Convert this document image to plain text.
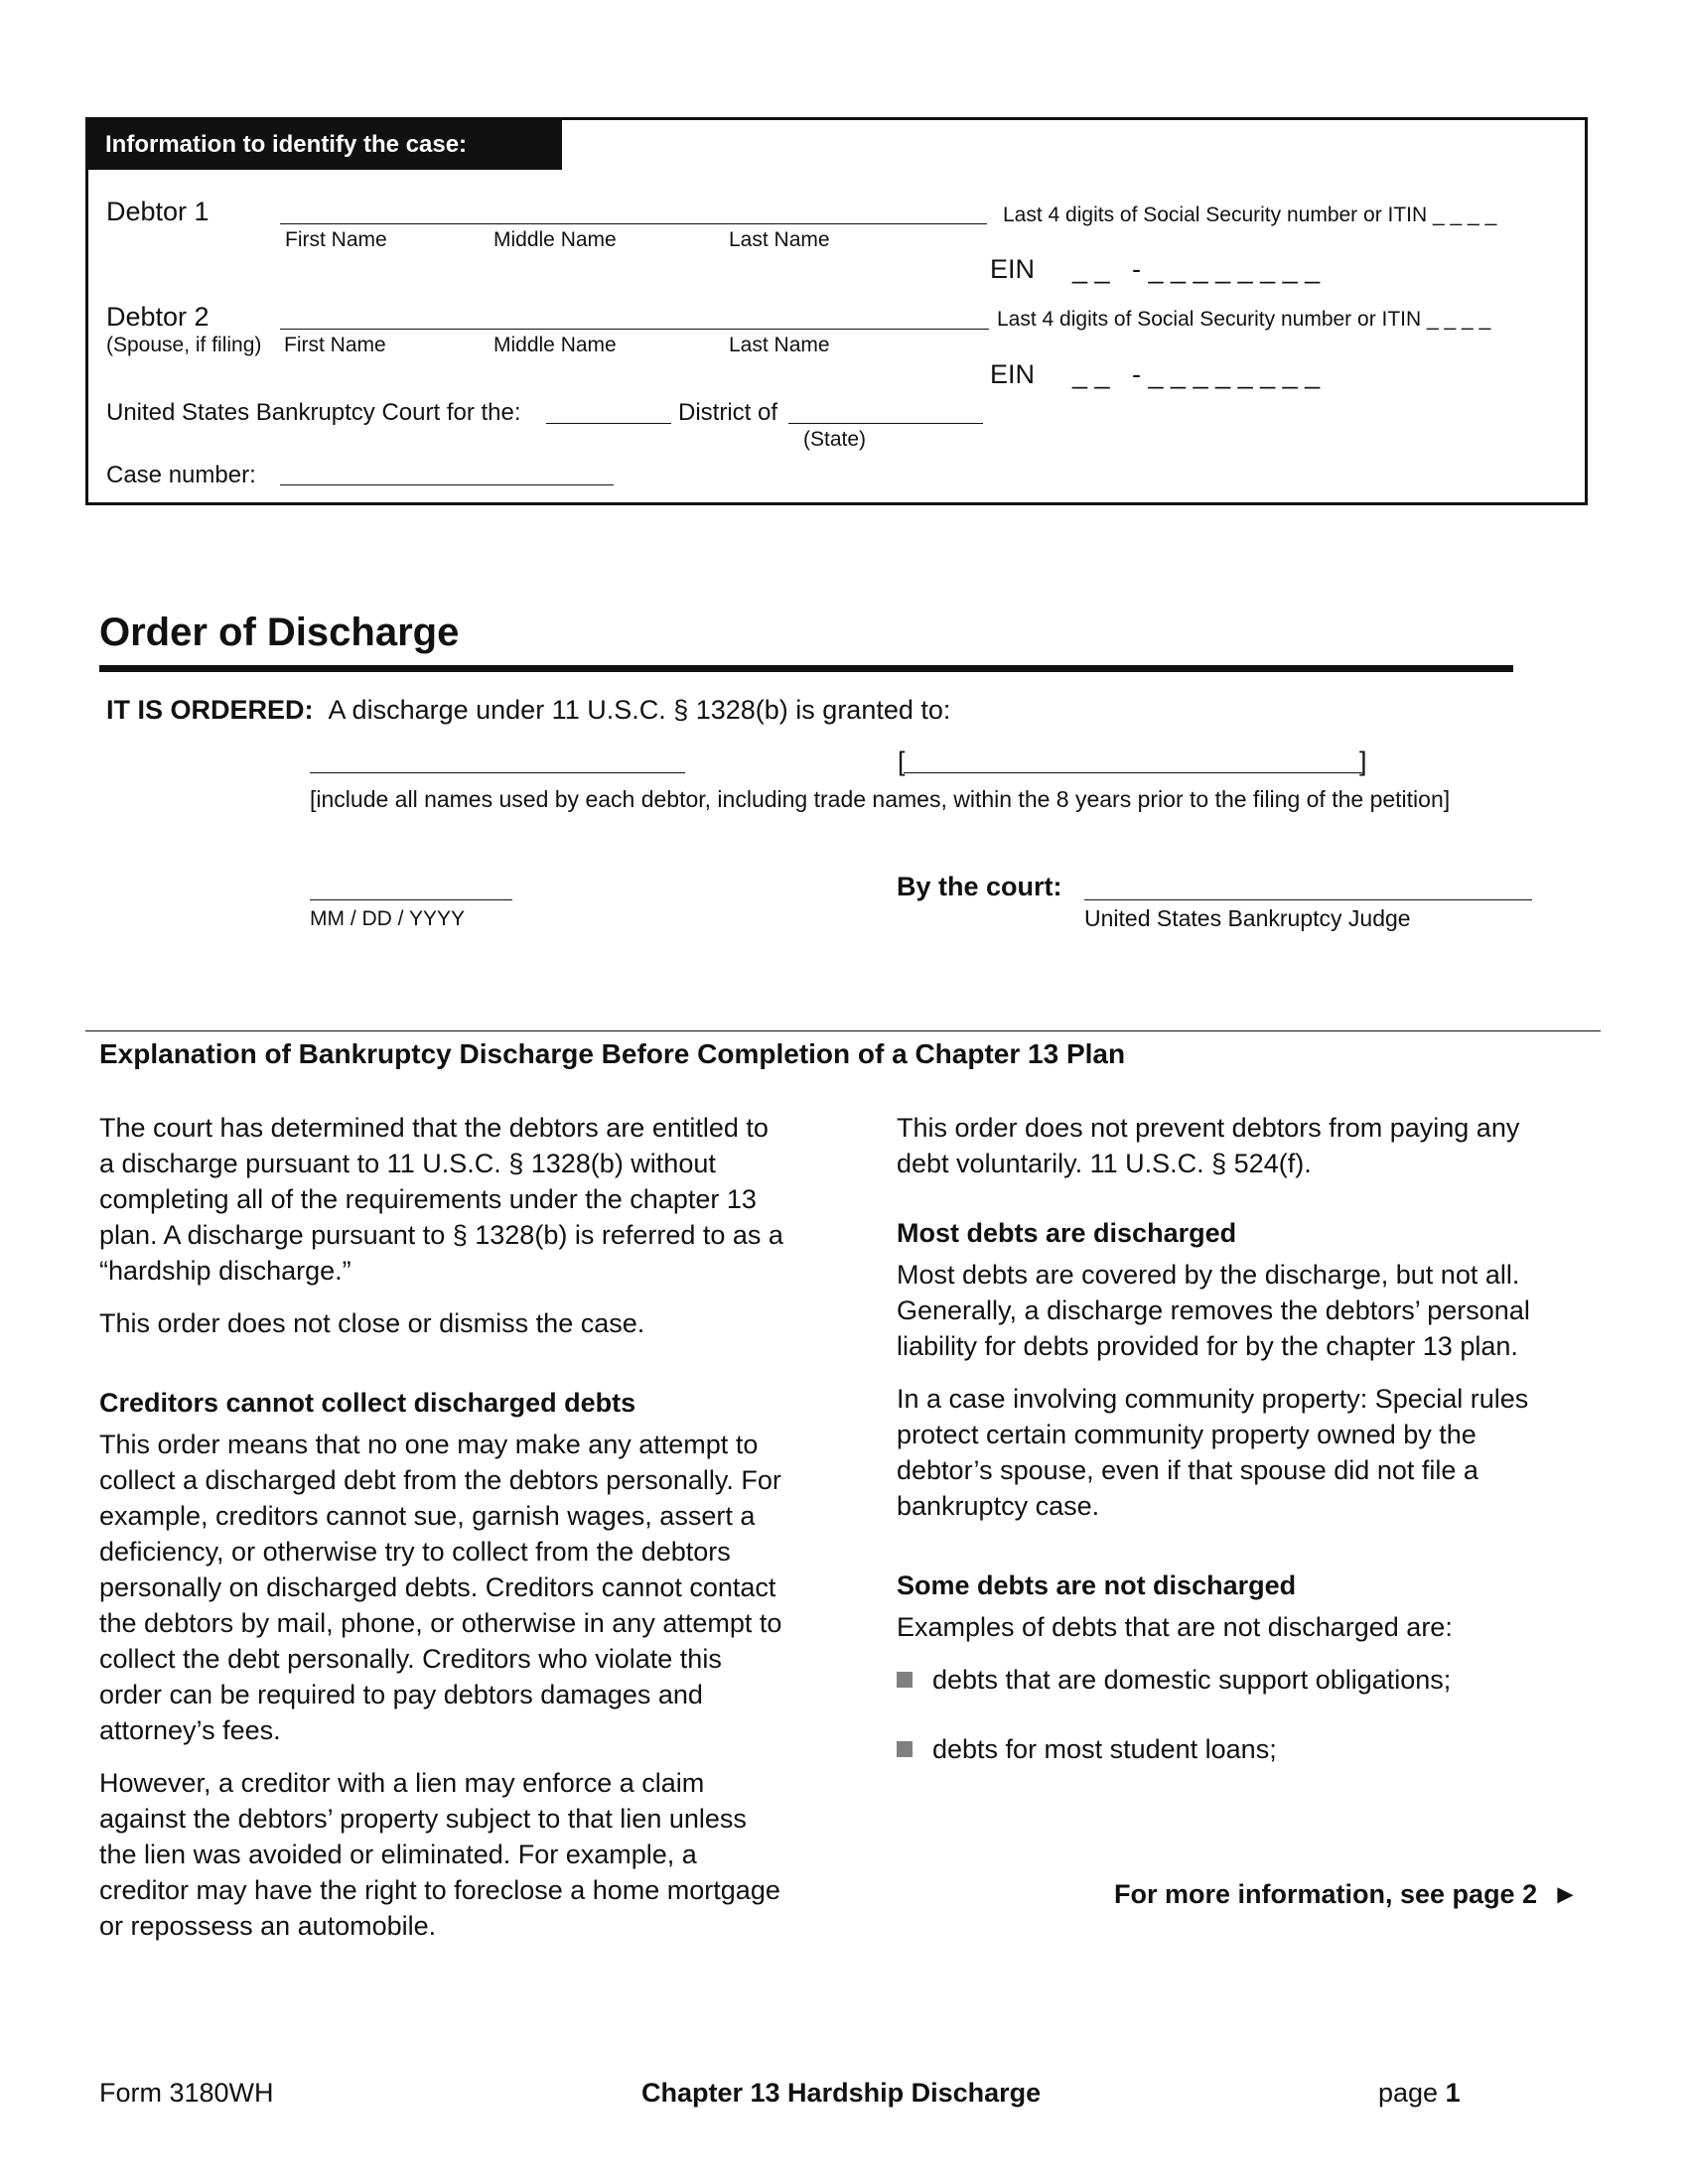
Information to identify the case:
Debtor 1
First Name	Middle Name	Last Name
Last 4 digits of Social Security number or ITIN _ _ _ _
EIN _ _   - _ _ _ _ _ _ _ _
Debtor 2
(Spouse, if filing) First Name	Middle Name	Last Name
Last 4 digits of Social Security number or ITIN _ _ _ _
EIN _ _   - _ _ _ _ _ _ _ _
United States Bankruptcy Court for the:	District of
(State)
Case number:
Order of Discharge
IT IS ORDERED: A discharge under 11 U.S.C. § 1328(b) is granted to:
[	]
[include all names used by each debtor, including trade names, within the 8 years prior to the filing of the petition]
MM / DD / YYYY
By the court:
United States Bankruptcy Judge
Explanation of Bankruptcy Discharge Before Completion of a Chapter 13 Plan

The court has determined that the debtors are entitled to a discharge pursuant to 11 U.S.C. § 1328(b) without completing all of the requirements under the chapter 13 plan. A discharge pursuant to § 1328(b) is referred to as a “hardship discharge.”

This order does not close or dismiss the case.

Creditors cannot collect discharged debts

This order means that no one may make any attempt to collect a discharged debt from the debtors personally. For example, creditors cannot sue, garnish wages, assert a deficiency, or otherwise try to collect from the debtors personally on discharged debts. Creditors cannot contact the debtors by mail, phone, or otherwise in any attempt to collect the debt personally. Creditors who violate this order can be required to pay debtors damages and attorney’s fees.

However, a creditor with a lien may enforce a claim against the debtors’ property subject to that lien unless the lien was avoided or eliminated. For example, a creditor may have the right to foreclose a home mortgage or repossess an automobile.

This order does not prevent debtors from paying any debt voluntarily. 11 U.S.C. § 524(f).

Most debts are discharged

Most debts are covered by the discharge, but not all. Generally, a discharge removes the debtors’ personal liability for debts provided for by the chapter 13 plan.

In a case involving community property: Special rules protect certain community property owned by the debtor’s spouse, even if that spouse did not file a bankruptcy case.

Some debts are not discharged

Examples of debts that are not discharged are:

debts that are domestic support obligations;

debts for most student loans;

For more information, see page 2 ►
Form 3180WH	Chapter 13 Hardship Discharge	page 1
